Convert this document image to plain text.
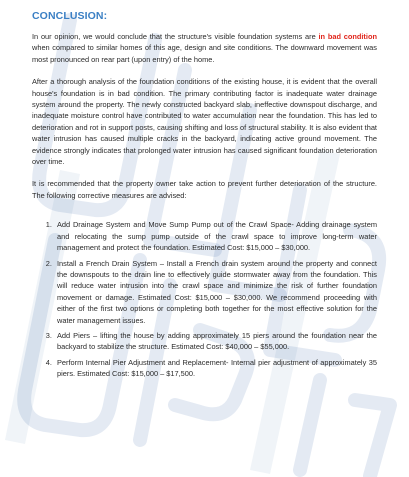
CONCLUSION:

In our opinion, we would conclude that the structure's visible foundation systems are in bad condition when compared to similar homes of this age, design and site conditions. The downward movement was most pronounced on rear part (upon entry) of the home.

After a thorough analysis of the foundation conditions of the existing house, it is evident that the overall house's foundation is in bad condition. The primary contributing factor is inadequate water drainage system around the property. The newly constructed backyard slab, ineffective downspout discharge, and inadequate moisture control have contributed to water accumulation near the foundation. This has led to deterioration and rot in support posts, causing shifting and loss of structural stability. It is also evident that water intrusion has caused multiple cracks in the backyard, indicating active ground movement. The evidence strongly indicates that prolonged water intrusion has caused significant foundation deterioration over time.

It is recommended that the property owner take action to prevent further deterioration of the structure. The following corrective measures are advised:

1. Add Drainage System and Move Sump Pump out of the Crawl Space- Adding drainage system and relocating the sump pump outside of the crawl space to improve long-term water management and protect the foundation. Estimated Cost: $15,000 – $30,000.
2. Install a French Drain System – Install a French drain system around the property and connect the downspouts to the drain line to effectively guide stormwater away from the foundation. This will reduce water intrusion into the crawl space and minimize the risk of further foundation movement or damage. Estimated Cost: $15,000 – $30,000. We recommend proceeding with either of the first two options or completing both together for the most effective solution for the water management issues.
3. Add Piers – lifting the house by adding approximately 15 piers around the foundation near the backyard to stabilize the structure. Estimated Cost: $40,000 – $55,000.
4. Perform Internal Pier Adjustment and Replacement- Internal pier adjustment of approximately 35 piers. Estimated Cost: $15,000 – $17,500.
